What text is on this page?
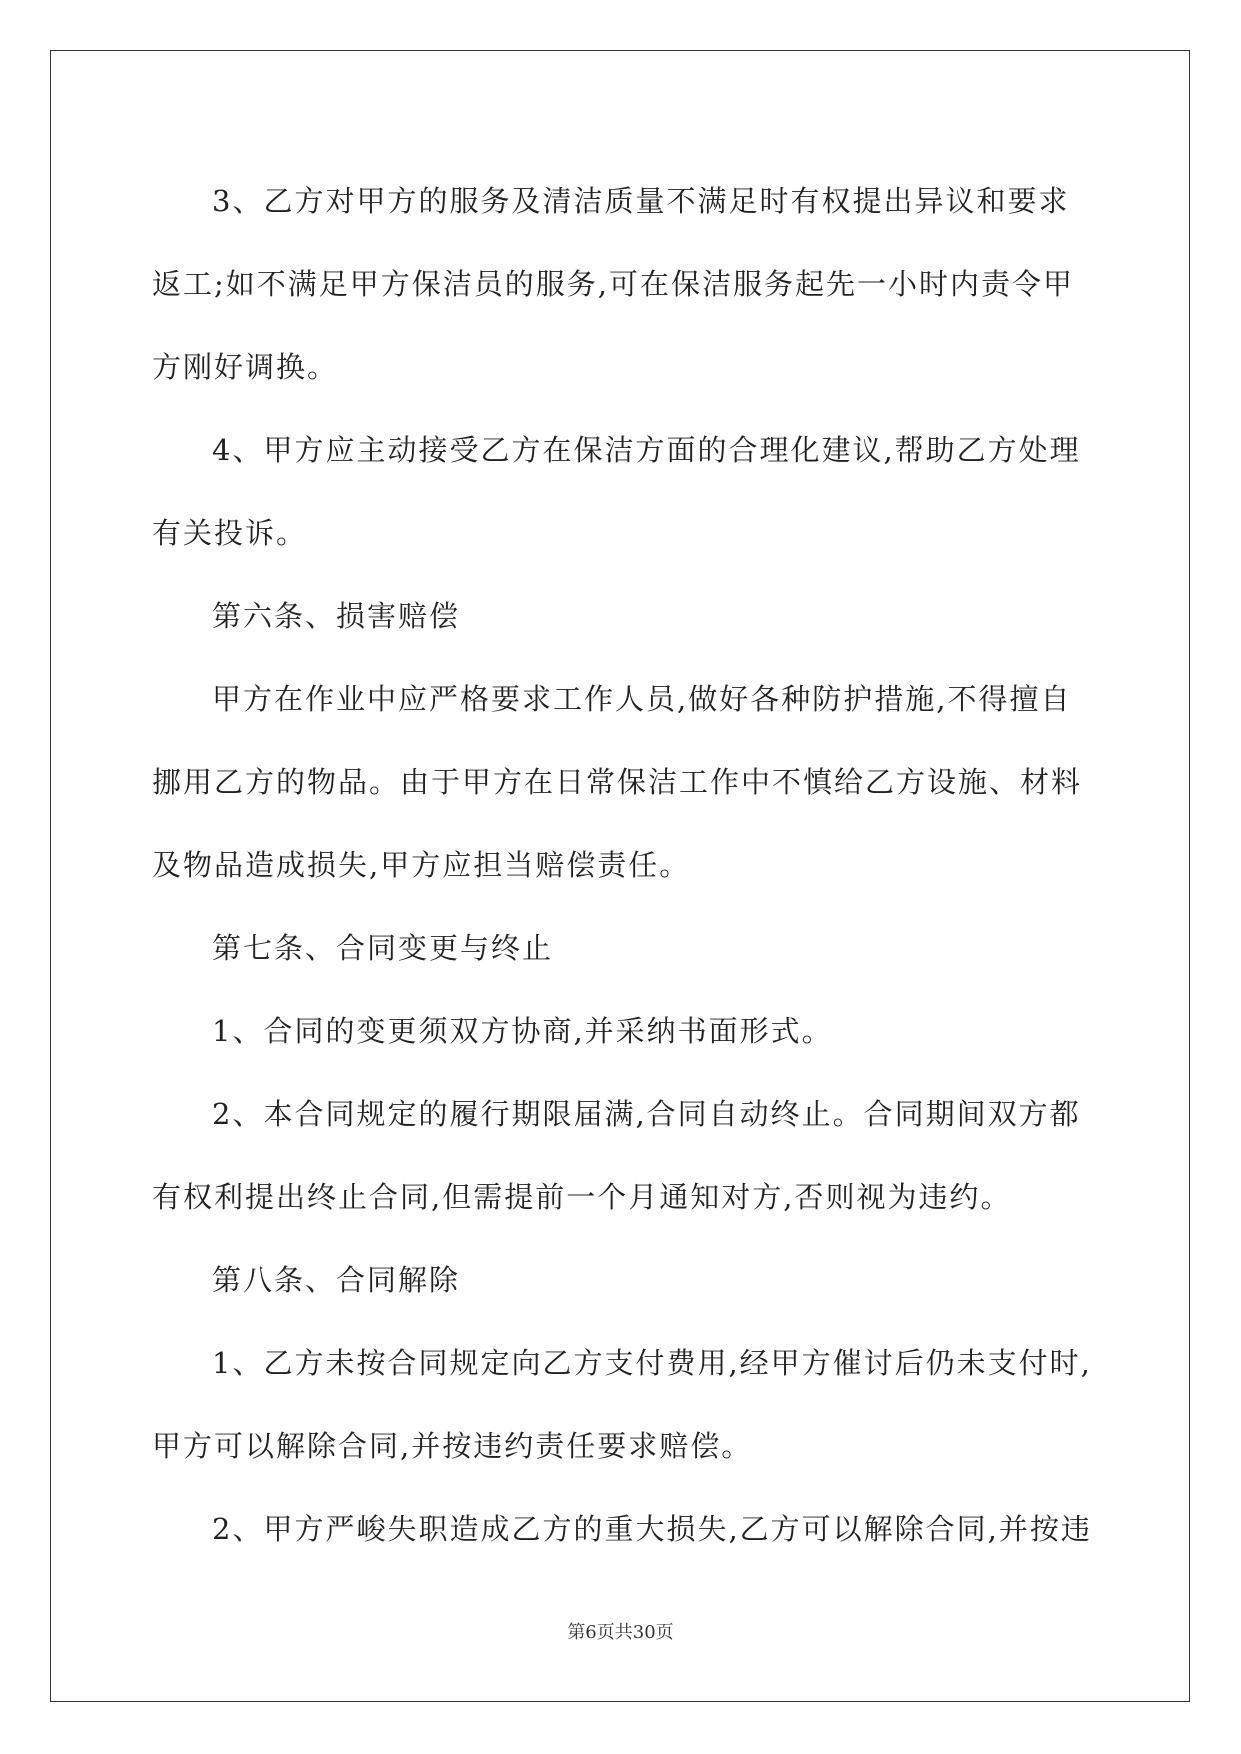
3、乙方对甲方的服务及清洁质量不满足时有权提出异议和要求返工;如不满足甲方保洁员的服务,可在保洁服务起先一小时内责令甲方刚好调换。

4、甲方应主动接受乙方在保洁方面的合理化建议,帮助乙方处理有关投诉。

第六条、损害赔偿

甲方在作业中应严格要求工作人员,做好各种防护措施,不得擅自挪用乙方的物品。由于甲方在日常保洁工作中不慎给乙方设施、材料及物品造成损失,甲方应担当赔偿责任。

第七条、合同变更与终止

1、合同的变更须双方协商,并采纳书面形式。

2、本合同规定的履行期限届满,合同自动终止。合同期间双方都有权利提出终止合同,但需提前一个月通知对方,否则视为违约。

第八条、合同解除

1、乙方未按合同规定向乙方支付费用,经甲方催讨后仍未支付时,甲方可以解除合同,并按违约责任要求赔偿。

2、甲方严峻失职造成乙方的重大损失,乙方可以解除合同,并按违

第6页共30页
